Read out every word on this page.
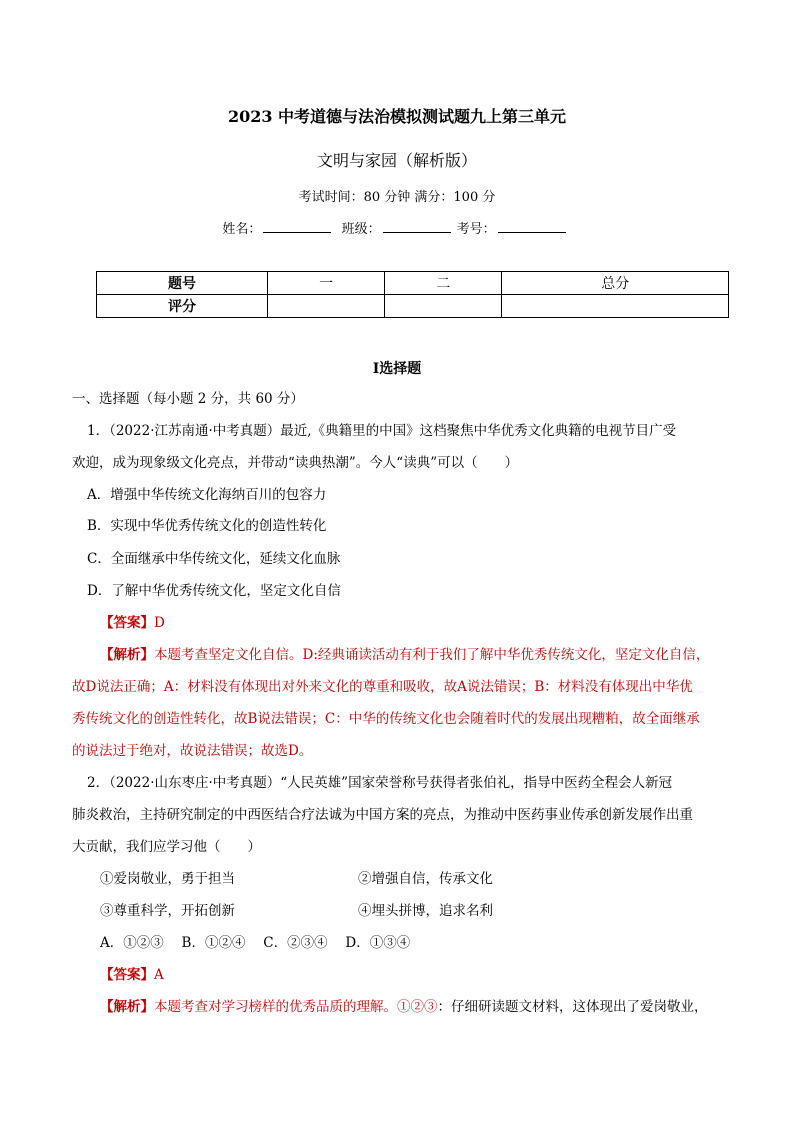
2023 中考道德与法治模拟测试题九上第三单元
文明与家园（解析版）
考试时间：80 分钟 满分：100 分
姓名：	班级：	考号：
题号	一	二	总分
评分			
Ⅰ选择题
一、选择题（每小题 2 分，共 60 分）
1．（2022·江苏南通·中考真题）最近,《典籍里的中国》这档聚焦中华优秀文化典籍的电视节目广受
欢迎，成为现象级文化亮点，并带动“读典热潮”。今人“读典”可以（　　）
A．增强中华传统文化海纳百川的包容力
B．实现中华优秀传统文化的创造性转化
C．全面继承中华传统文化，延续文化血脉
D．了解中华优秀传统文化，坚定文化自信
【答案】D
【解析】本题考查坚定文化自信。D:经典诵读活动有利于我们了解中华优秀传统文化，坚定文化自信，
故D说法正确；A：材料没有体现出对外来文化的尊重和吸收，故A说法错误；B：材料没有体现出中华优
秀传统文化的创造性转化，故B说法错误；C：中华的传统文化也会随着时代的发展出现糟粕，故全面继承
的说法过于绝对，故说法错误；故选D。
2．（2022·山东枣庄·中考真题）“人民英雄”国家荣誉称号获得者张伯礼，指导中医药全程会人新冠
肺炎救治，主持研究制定的中西医结合疗法诚为中国方案的亮点，为推动中医药事业传承创新发展作出重
大贡献，我们应学习他（　　）
①爱岗敬业，勇于担当	②增强自信，传承文化
③尊重科学，开拓创新	④埋头拼博，追求名利
A．①②③　 B．①②④　 C．②③④　 D．①③④
【答案】A
【解析】本题考查对学习榜样的优秀品质的理解。①②③：仔细研读题文材料，这体现出了爱岗敬业，
